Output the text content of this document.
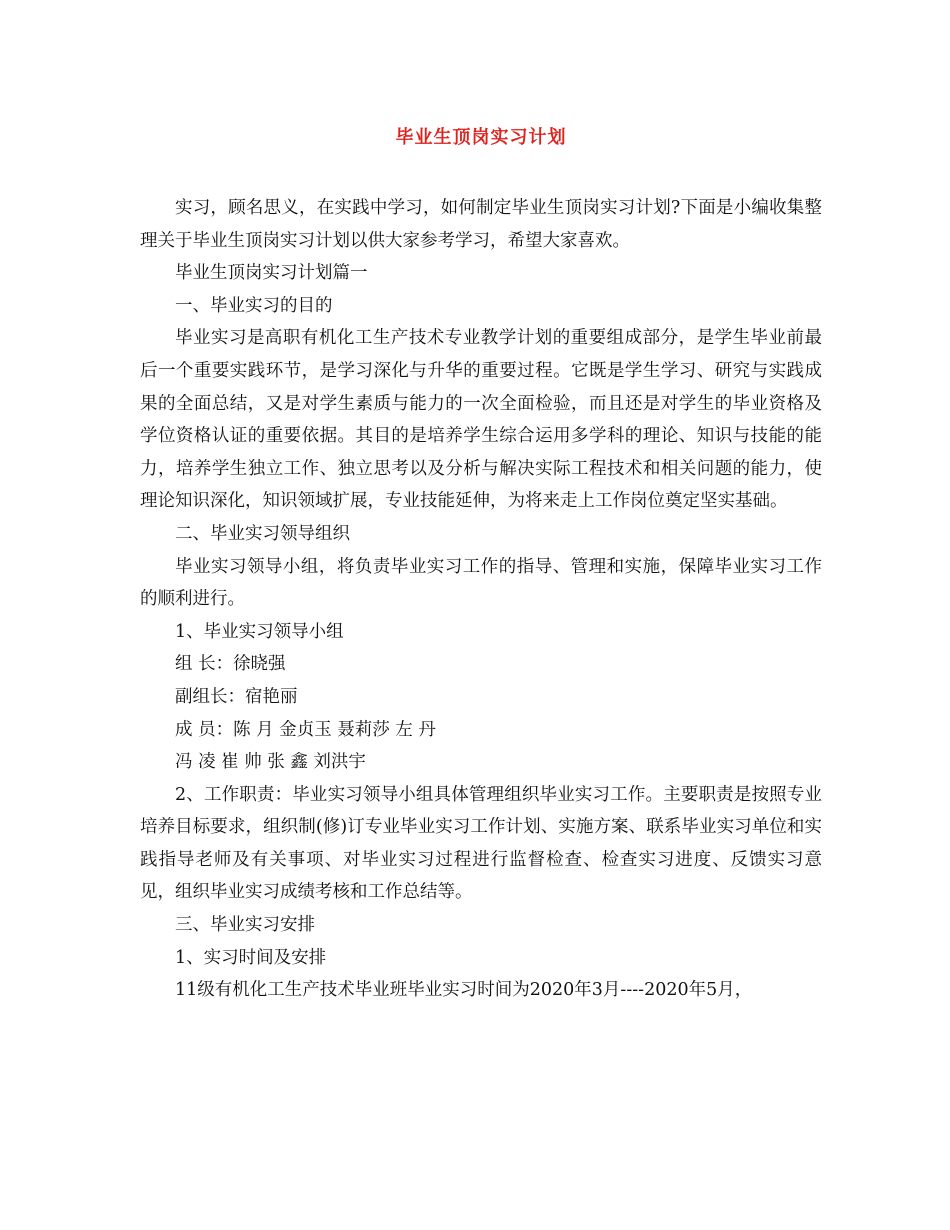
毕业生顶岗实习计划

实习，顾名思义，在实践中学习，如何制定毕业生顶岗实习计划?下面是小编收集整理关于毕业生顶岗实习计划以供大家参考学习，希望大家喜欢。

毕业生顶岗实习计划篇一

一、毕业实习的目的

毕业实习是高职有机化工生产技术专业教学计划的重要组成部分，是学生毕业前最后一个重要实践环节，是学习深化与升华的重要过程。它既是学生学习、研究与实践成果的全面总结，又是对学生素质与能力的一次全面检验，而且还是对学生的毕业资格及学位资格认证的重要依据。其目的是培养学生综合运用多学科的理论、知识与技能的能力，培养学生独立工作、独立思考以及分析与解决实际工程技术和相关问题的能力，使理论知识深化，知识领域扩展，专业技能延伸，为将来走上工作岗位奠定坚实基础。

二、毕业实习领导组织

毕业实习领导小组，将负责毕业实习工作的指导、管理和实施，保障毕业实习工作的顺利进行。

1、毕业实习领导小组

组 长：徐晓强

副组长：宿艳丽

成 员：陈 月 金贞玉 聂莉莎 左 丹

冯 凌 崔 帅 张 鑫 刘洪宇

2、工作职责：毕业实习领导小组具体管理组织毕业实习工作。主要职责是按照专业培养目标要求，组织制(修)订专业毕业实习工作计划、实施方案、联系毕业实习单位和实践指导老师及有关事项、对毕业实习过程进行监督检查、检查实习进度、反馈实习意见，组织毕业实习成绩考核和工作总结等。

三、毕业实习安排

1、实习时间及安排

11级有机化工生产技术毕业班毕业实习时间为2020年3月----2020年5月，
